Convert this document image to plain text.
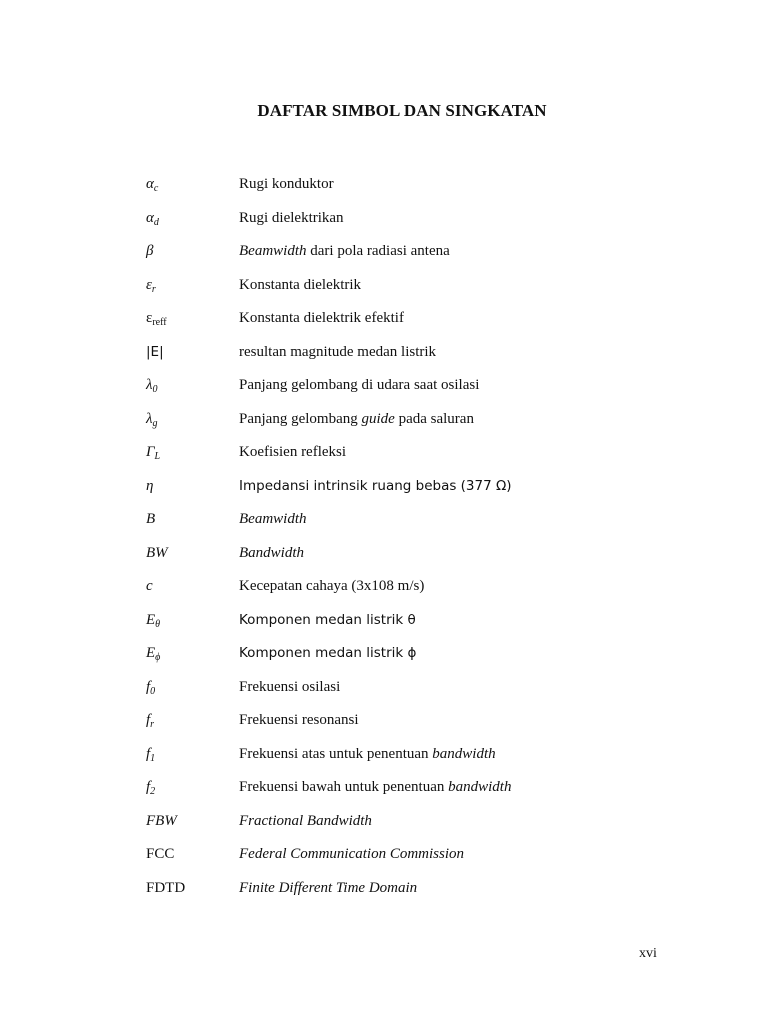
DAFTAR SIMBOL DAN SINGKATAN
$\alpha_c$	Rugi konduktor
$\alpha_d$	Rugi dielektrikan
β	Beamwidth dari pola radiasi antena
$\varepsilon_r$	Konstanta dielektrik
$\varepsilon_{reff}$	Konstanta dielektrik efektif
|E|	resultan magnitude medan listrik
$\lambda_0$	Panjang gelombang di udara saat osilasi
$\lambda_g$	Panjang gelombang guide pada saluran
$\Gamma_L$	Koefisien refleksi
η	Impedansi intrinsik ruang bebas (377 Ω)
B	Beamwidth
BW	Bandwidth
c	Kecepatan cahaya (3x108 m/s)
$E_\theta$	Komponen medan listrik θ
$E_\phi$	Komponen medan listrik ϕ
$f_0$	Frekuensi osilasi
$f_r$	Frekuensi resonansi
$f_1$	Frekuensi atas untuk penentuan bandwidth
$f_2$	Frekuensi bawah untuk penentuan bandwidth
FBW	Fractional Bandwidth
FCC	Federal Communication Commission
FDTD	Finite Different Time Domain
xvi
